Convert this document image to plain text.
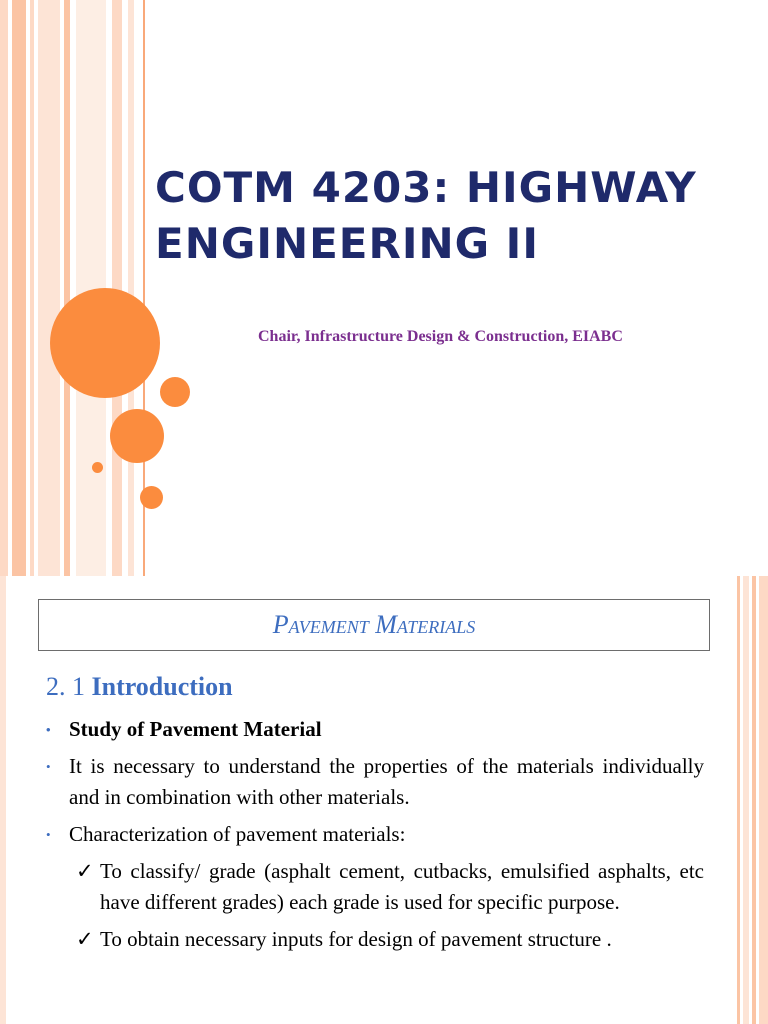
COTM 4203: HIGHWAY ENGINEERING II
Chair, Infrastructure Design & Construction, EIABC
Pavement Materials
2. 1 Introduction
• Study of Pavement Material
• It is necessary to understand the properties of the materials individually and in combination with other materials.
• Characterization of pavement materials:
✓ To classify/ grade (asphalt cement, cutbacks, emulsified asphalts, etc have different grades) each grade is used for specific purpose.
✓ To obtain necessary inputs for design of pavement structure .
